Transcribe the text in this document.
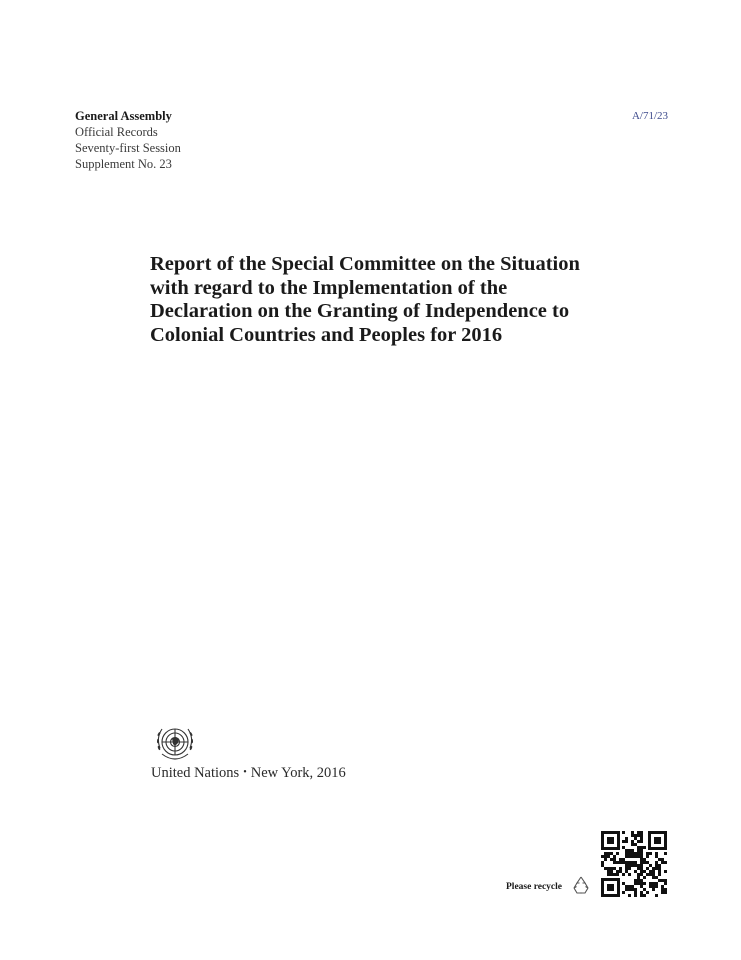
General Assembly
Official Records
Seventy-first Session
Supplement No. 23
A/71/23
Report of the Special Committee on the Situation with regard to the Implementation of the Declaration on the Granting of Independence to Colonial Countries and Peoples for 2016
United Nations • New York, 2016
Please recycle
